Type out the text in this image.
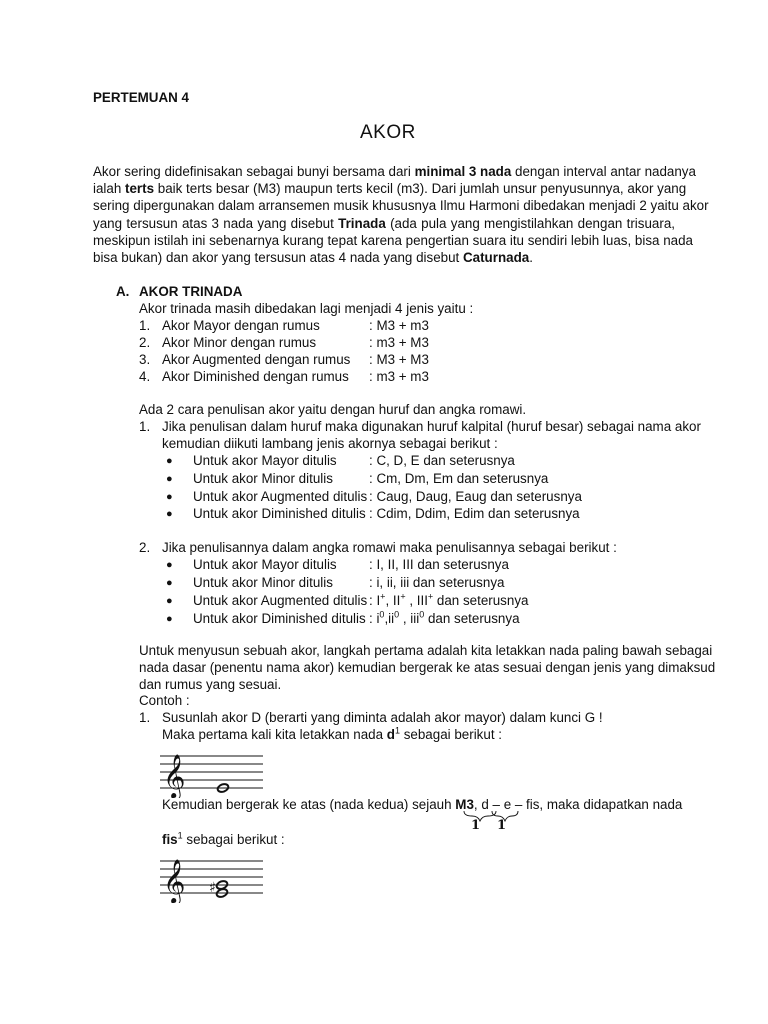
PERTEMUAN 4
AKOR
Akor sering didefinisakan sebagai bunyi bersama dari minimal 3 nada dengan interval antar nadanya
ialah terts baik terts besar (M3) maupun terts kecil (m3). Dari jumlah unsur penyusunnya, akor yang
sering dipergunakan dalam arransemen musik khususnya Ilmu Harmoni dibedakan menjadi 2 yaitu akor
yang tersusun atas 3 nada yang disebut Trinada (ada pula yang mengistilahkan dengan trisuara,
meskipun istilah ini sebenarnya kurang tepat karena pengertian suara itu sendiri lebih luas, bisa nada
bisa bukan) dan akor yang tersusun atas 4 nada yang disebut Caturnada.
A. AKOR TRINADA
Akor trinada masih dibedakan lagi menjadi 4 jenis yaitu :
Ada 2 cara penulisan akor yaitu dengan huruf dan angka romawi.
1. Jika penulisan dalam huruf maka digunakan huruf kalpital (huruf besar) sebagai nama akor
kemudian diikuti lambang jenis akornya sebagai berikut :
2. Jika penulisannya dalam angka romawi maka penulisannya sebagai berikut :
Untuk menyusun sebuah akor, langkah pertama adalah kita letakkan nada paling bawah sebagai
nada dasar (penentu nama akor) kemudian bergerak ke atas sesuai dengan jenis yang dimaksud
dan rumus yang sesuai.
Contoh :
1. Susunlah akor D (berarti yang diminta adalah akor mayor) dalam kunci G !
Maka pertama kali kita letakkan nada $d^1$ sebagai berikut :
𝄞
Kemudian bergerak ke atas (nada kedua) sejauh M3, d – e – fis, maka didapatkan nada
1 1
fis$^1$ sebagai berikut :
𝄞 ♯
1. Akor Mayor dengan rumus	: M3 + m3
2. Akor Minor dengan rumus	: m3 + M3
3. Akor Augmented dengan rumus : M3 + M3
4. Akor Diminished dengan rumus : m3 + m3
● Untuk akor Mayor ditulis : C, D, E dan seterusnya
● Untuk akor Minor ditulis	: Cm, Dm, Em dan seterusnya
● Untuk akor Augmented ditulis : Caug, Daug, Eaug dan seterusnya
● Untuk akor Diminished ditulis : Cdim, Ddim, Edim dan seterusnya
● Untuk akor Mayor ditulis : I, II, III dan seterusnya
● Untuk akor Minor ditulis	: i, ii, iii dan seterusnya
● Untuk akor Augmented ditulis : I+, II+ , III+ dan seterusnya
● Untuk akor Diminished ditulis : $i^0,ii^0$ , iii$^0$ dan seterusnya
